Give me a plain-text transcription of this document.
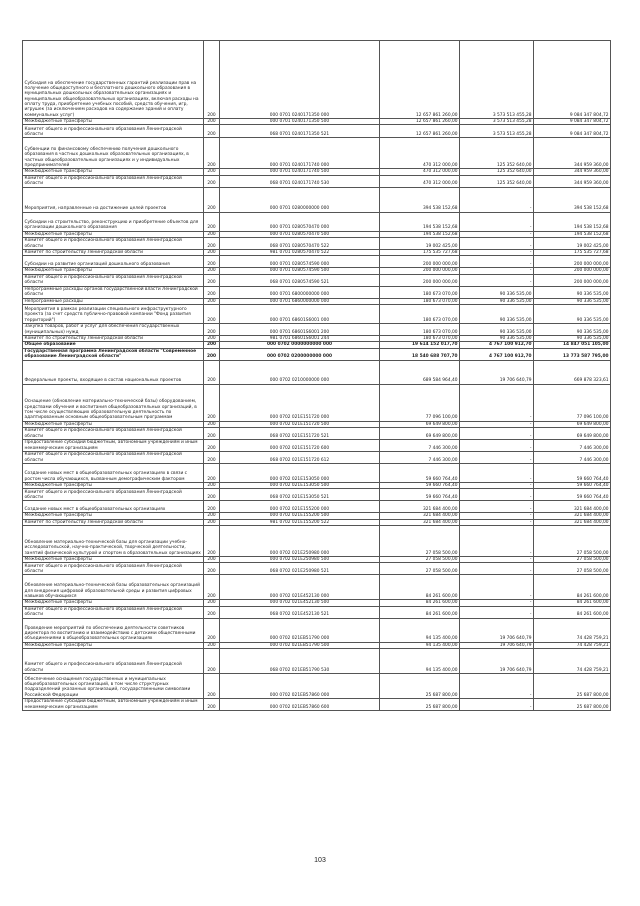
Субсидия на обеспечение государственных гарантий реализации прав на получение общедоступного и бесплатного дошкольного образования в муниципальных дошкольных образовательных организациях и муниципальных общеобразовательных организациях, включая расходы на оплату труда, приобретение учебных пособий, средств обучения, игр, игрушек (за исключением расходов на содержание зданий и оплату коммунальных услуг)	200	000 0701 0240171350 000	12 657 861 260,00	3 573 513 455,28	9 084 347 804,72
Межбюджетные трансферты	200	000 0701 0240171350 500	12 657 861 260,00	3 573 513 455,28	9 084 347 804,72
Комитет общего и профессионального образования Ленинградской области	200	068 0701 0240171350 521	12 657 861 260,00	3 573 513 455,28	9 084 347 804,72
Субвенции по финансовому обеспечению получения дошкольного образования в частных дошкольных образовательных организациях, в частных общеобразовательных организациях и у индивидуальных предпринимателей	200	000 0701 0240171740 000	470 312 000,00	125 352 640,00	344 959 360,00
Межбюджетные трансферты	200	000 0701 0240171740 500	470 312 000,00	125 352 640,00	344 959 360,00
Комитет общего и профессионального образования Ленинградской области	200	068 0701 0240171740 530	470 312 000,00	125 352 640,00	344 959 360,00
Мероприятия, направленные на достижение целей проектов	200	000 0701 0280000000 000	394 538 152,68	-	394 538 152,68
Субсидии на строительство, реконструкцию и приобретение объектов для организации дошкольного образования	200	000 0701 0280570470 000	194 538 152,68	-	194 538 152,68
Межбюджетные трансферты	200	000 0701 0280570470 500	194 538 152,68	-	194 538 152,68
Комитет общего и профессионального образования Ленинградской области	200	068 0701 0280570470 522	19 002 425,00	-	19 002 425,00
Комитет по строительству Ленинградской области	200	981 0701 0280570470 522	175 535 727,68	-	175 535 727,68
Субсидии на развитие организаций дошкольного образования	200	000 0701 0280574590 000	200 000 000,00	-	200 000 000,00
Межбюджетные трансферты	200	000 0701 0280574590 500	200 000 000,00	-	200 000 000,00
Комитет общего и профессионального образования Ленинградской области	200	068 0701 0280574590 521	200 000 000,00	-	200 000 000,00
Непрограммные расходы органов государственной власти Ленинградской области	200	000 0701 6800000000 000	180 673 070,00	90 336 535,00	90 336 535,00
Непрограммные расходы	200	000 0701 6860000000 000	180 673 070,00	90 336 535,00	90 336 535,00
Мероприятия в рамках реализации специального инфраструктурного проекта (за счет средств публично-правовой компании "Фонд развития территорий")	200	000 0701 68601S6001 000	180 673 070,00	90 336 535,00	90 336 535,00
Закупка товаров, работ и услуг для обеспечения государственных (муниципальных) нужд	200	000 0701 68601S6001 200	180 673 070,00	90 336 535,00	90 336 535,00
Комитет по строительству Ленинградской области	200	981 0701 68601S6001 244	180 673 070,00	90 336 535,00	90 336 535,00
Общее образование	200	000 0702 0000000000 000	19 614 152 017,70	4 767 100 912,70	14 847 051 105,00
Государственная программа Ленинградской области "Современное образование Ленинградской области"	200	000 0702 0200000000 000	18 540 688 707,70	4 767 100 912,70	13 773 587 795,00
Федеральные проекты, входящие в состав национальных проектов	200	000 0702 0210000000 000	689 584 964,40	19 706 640,79	669 878 323,61
Оснащение (обновление материально-технической базы) оборудованием, средствами обучения и воспитания общеобразовательных организаций, в том числе осуществляющих образовательную деятельность по адаптированным основным общеобразовательным программам	200	000 0702 021E151720 000	77 096 100,00	-	77 096 100,00
Межбюджетные трансферты	200	000 0702 021E151720 500	69 649 800,00	-	69 649 800,00
Комитет общего и профессионального образования Ленинградской области	200	068 0702 021E151720 521	69 649 800,00	-	69 649 800,00
Предоставление субсидий бюджетным, автономным учреждениям и иным некоммерческим организациям	200	000 0702 021E151720 600	7 446 300,00	-	7 446 300,00
Комитет общего и профессионального образования Ленинградской области	200	068 0702 021E151720 612	7 446 300,00	-	7 446 300,00
Создание новых мест в общеобразовательных организациях в связи с ростом числа обучающихся, вызванным демографическим фактором	200	000 0702 021E153050 000	59 660 764,40	-	59 660 764,40
Межбюджетные трансферты	200	000 0702 021E153050 500	59 660 764,40	-	59 660 764,40
Комитет общего и профессионального образования Ленинградской области	200	068 0702 021E153050 521	59 660 764,40	-	59 660 764,40
Создание новых мест в общеобразовательных организациях	200	000 0702 021E155200 000	321 684 400,00	-	321 684 400,00
Межбюджетные трансферты	200	000 0702 021E155200 500	321 684 400,00	-	321 684 400,00
Комитет по строительству Ленинградской области	200	981 0702 021E155200 522	321 684 400,00	-	321 684 400,00
Обновление материально-технической базы для организации учебно-исследовательской, научно-практической, творческой деятельности, занятий физической культурой и спортом в образовательных организациях	200	000 0702 021E250980 000	27 058 500,00	-	27 058 500,00
Межбюджетные трансферты	200	000 0702 021E250980 500	27 058 500,00	-	27 058 500,00
Комитет общего и профессионального образования Ленинградской области	200	068 0702 021E250980 521	27 058 500,00	-	27 058 500,00
Обновление материально-технической базы образовательных организаций для внедрения цифровой образовательной среды и развития цифровых навыков обучающихся	200	000 0702 021E452130 000	84 261 600,00	-	84 261 600,00
Межбюджетные трансферты	200	000 0702 021E452130 500	84 261 600,00	-	84 261 600,00
Комитет общего и профессионального образования Ленинградской области	200	068 0702 021E452130 521	84 261 600,00	-	84 261 600,00
Проведение мероприятий по обеспечению деятельности советников директора по воспитанию и взаимодействию с детскими общественными объединениями в общеобразовательных организациях	200	000 0702 021EB51790 000	94 135 400,00	19 706 640,79	74 428 759,21
Межбюджетные трансферты	200	000 0702 021EB51790 500	94 135 400,00	19 706 640,79	74 428 759,21
Комитет общего и профессионального образования Ленинградской области	200	068 0702 021EB51790 530	94 135 400,00	19 706 640,79	74 428 759,21
Обеспечение оснащения государственных и муниципальных общеобразовательных организаций, в том числе структурных подразделений указанных организаций, государственными символами Российской Федерации	200	000 0702 021EB57860 000	25 687 800,00	-	25 687 800,00
Предоставление субсидий бюджетным, автономным учреждениям и иным некоммерческим организациям	200	000 0702 021EB57860 600	25 687 800,00	-	25 687 800,00
103
